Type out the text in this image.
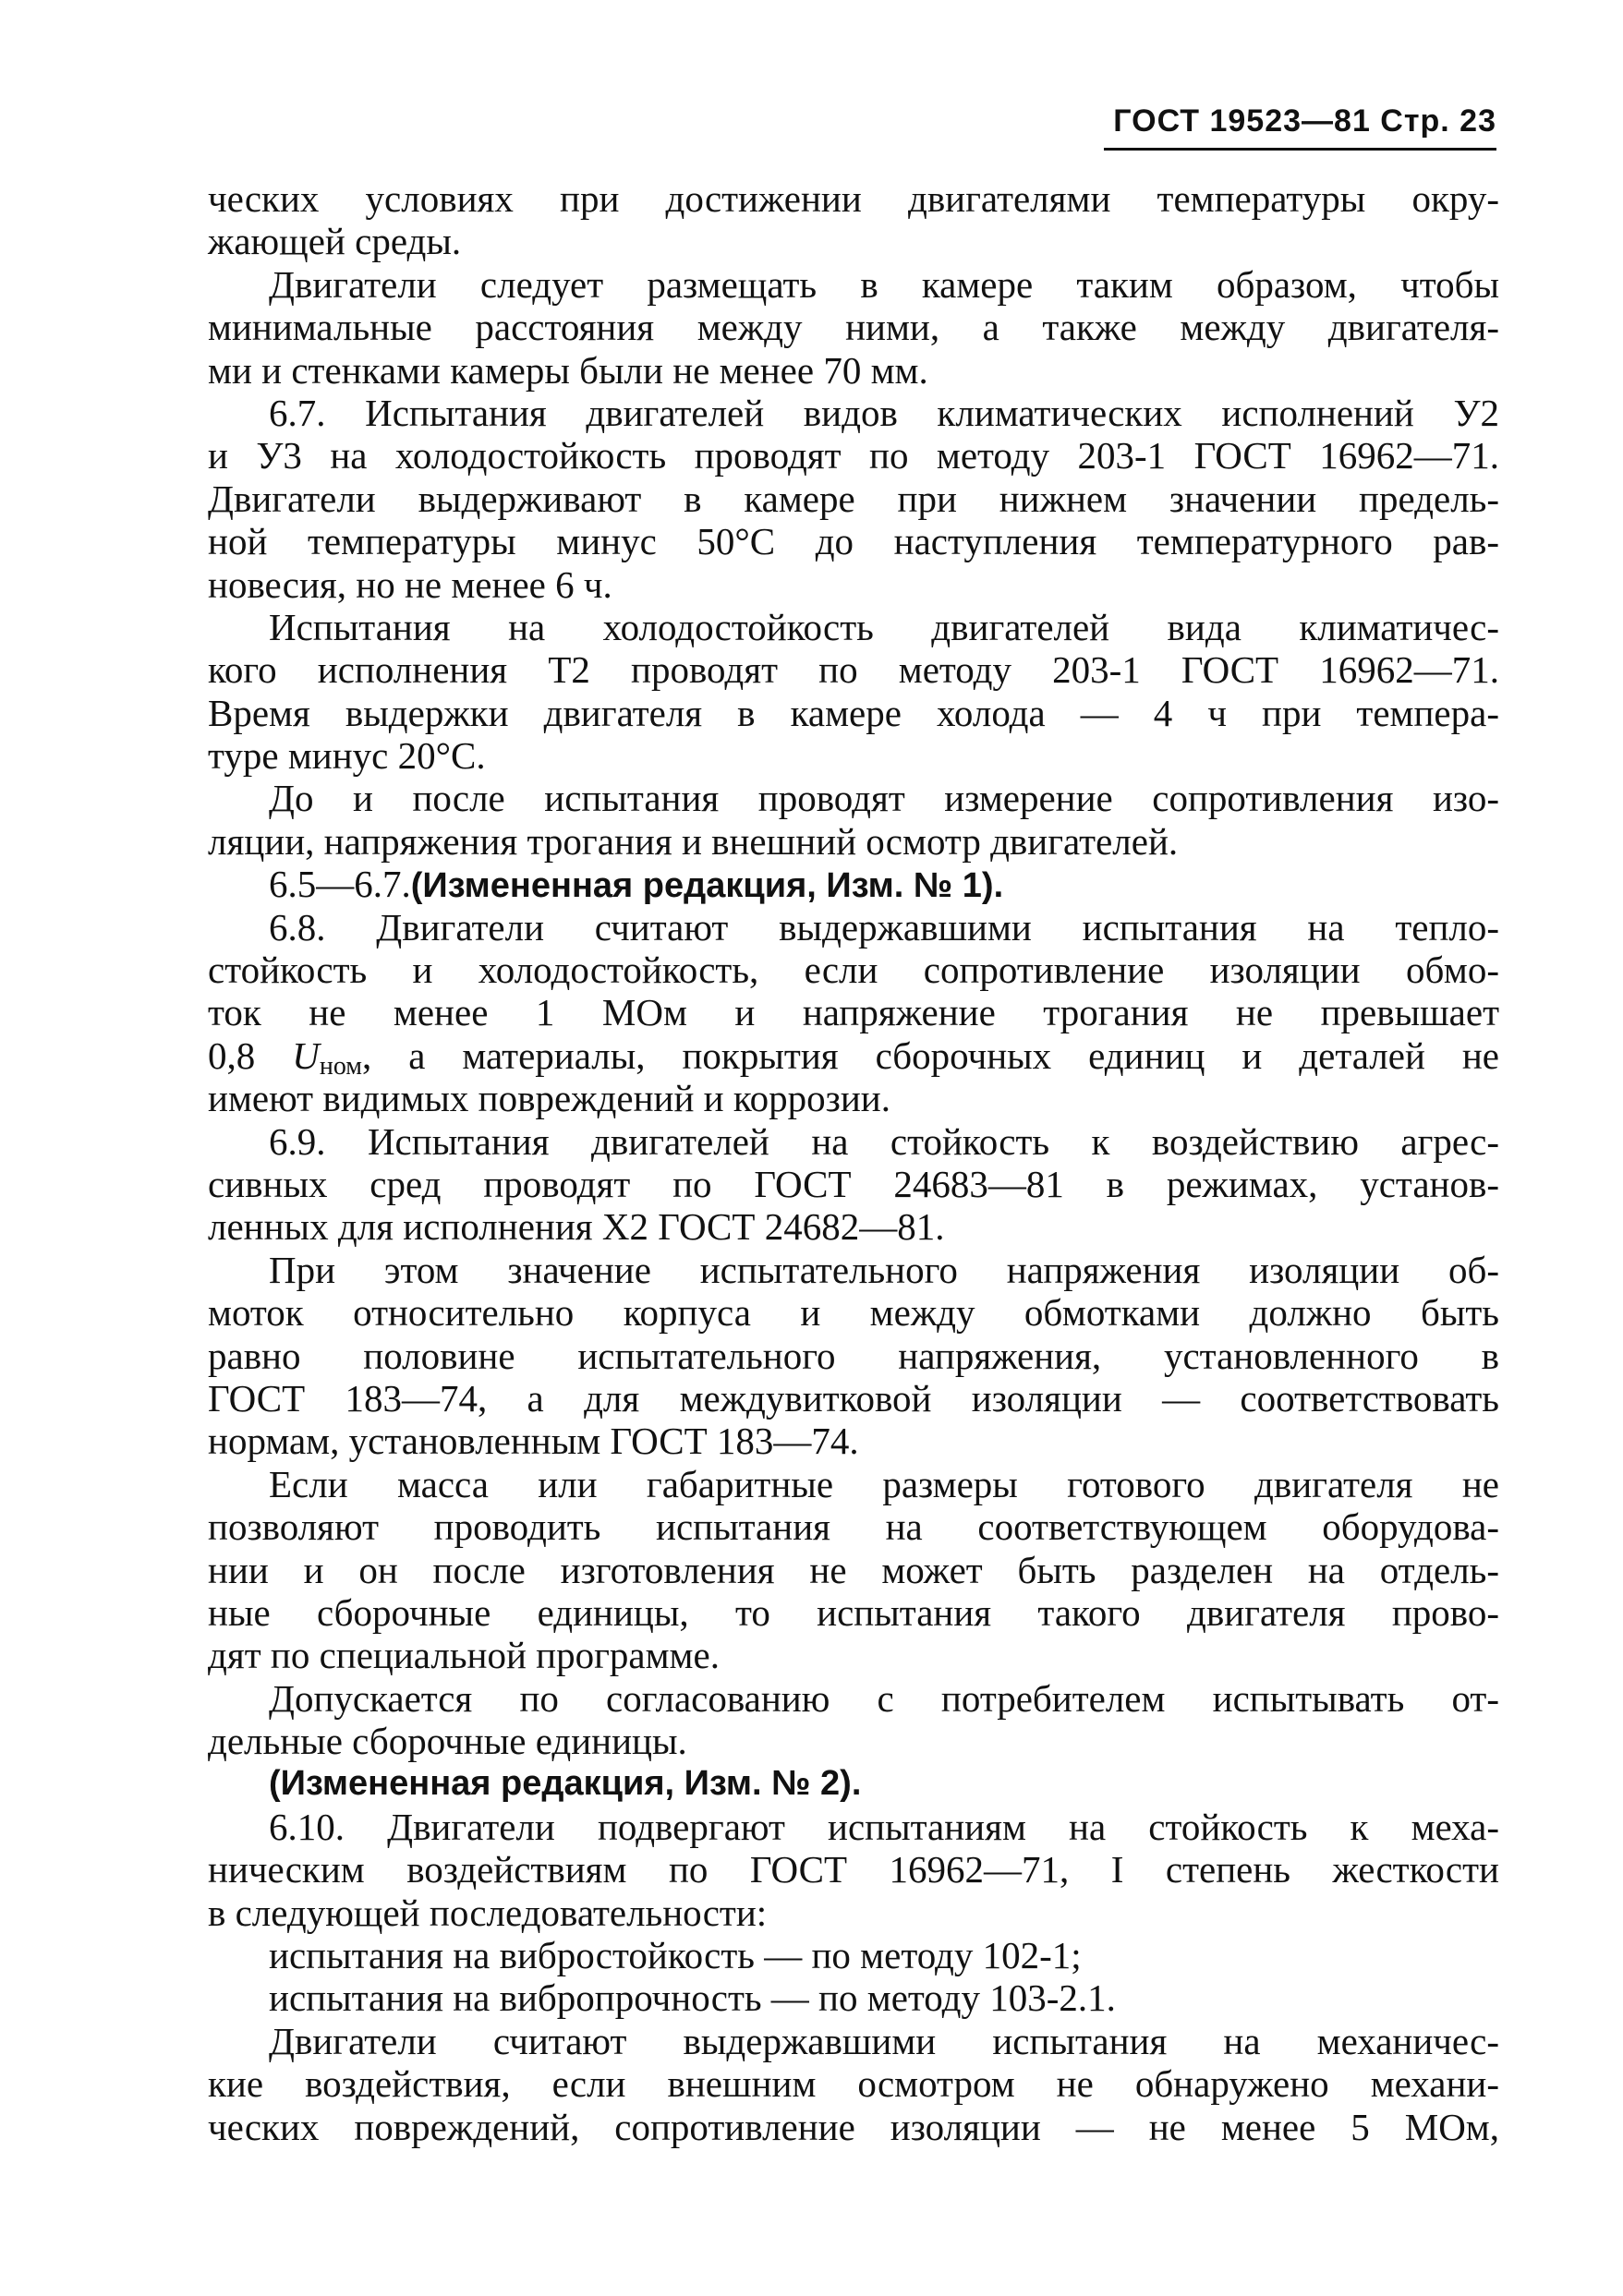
ГОСТ 19523—81 Стр. 23
ческих условиях при достижении двигателями температуры окру-
жающей среды.
Двигатели следует размещать в камере таким образом, чтобы
минимальные расстояния между ними, а также между двигателя-
ми и стенками камеры были не менее 70 мм.
6.7. Испытания двигателей видов климатических исполнений У2
и У3 на холодостойкость проводят по методу 203-1 ГОСТ 16962—71.
Двигатели выдерживают в камере при нижнем значении предель-
ной температуры минус 50°С до наступления температурного рав-
новесия, но не менее 6 ч.
Испытания на холодостойкость двигателей вида климатичес-
кого исполнения Т2 проводят по методу 203-1 ГОСТ 16962—71.
Время выдержки двигателя в камере холода — 4 ч при темпера-
туре минус 20°С.
До и после испытания проводят измерение сопротивления изо-
ляции, напряжения трогания и внешний осмотр двигателей.
6.5—6.7.(Измененная редакция, Изм. № 1).
6.8. Двигатели считают выдержавшими испытания на тепло-
стойкость и холодостойкость, если сопротивление изоляции обмо-
ток не менее 1 МОм и напряжение трогания не превышает
0,8 $U_{ном}$, а материалы, покрытия сборочных единиц и деталей не
имеют видимых повреждений и коррозии.
6.9. Испытания двигателей на стойкость к воздействию агрес-
сивных сред проводят по ГОСТ 24683—81 в режимах, установ-
ленных для исполнения Х2 ГОСТ 24682—81.
При этом значение испытательного напряжения изоляции об-
моток относительно корпуса и между обмотками должно быть
равно половине испытательного напряжения, установленного в
ГОСТ 183—74, а для междувитковой изоляции — соответствовать
нормам, установленным ГОСТ 183—74.
Если масса или габаритные размеры готового двигателя не
позволяют проводить испытания на соответствующем оборудова-
нии и он после изготовления не может быть разделен на отдель-
ные сборочные единицы, то испытания такого двигателя прово-
дят по специальной программе.
Допускается по согласованию с потребителем испытывать от-
дельные сборочные единицы.
(Измененная редакция, Изм. № 2).
6.10. Двигатели подвергают испытаниям на стойкость к меха-
ническим воздействиям по ГОСТ 16962—71, I степень жесткости
в следующей последовательности:
испытания на вибростойкость — по методу 102-1;
испытания на вибропрочность — по методу 103-2.1.
Двигатели считают выдержавшими испытания на механичес-
кие воздействия, если внешним осмотром не обнаружено механи-
ческих повреждений, сопротивление изоляции — не менее 5 МОм,
